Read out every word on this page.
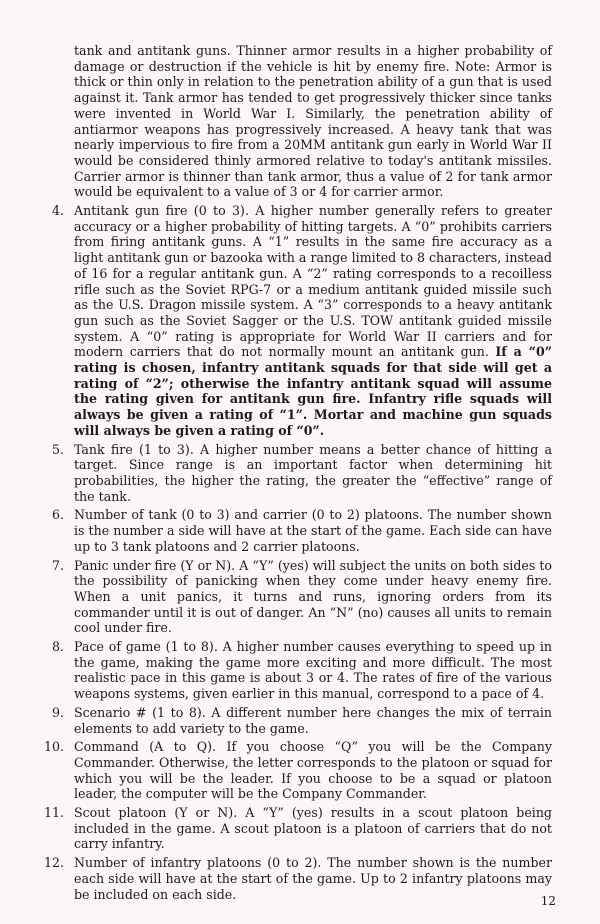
tank and antitank guns. Thinner armor results in a higher probability of damage or destruction if the vehicle is hit by enemy fire. Note: Armor is thick or thin only in relation to the penetration ability of a gun that is used against it. Tank armor has tended to get progressively thicker since tanks were invented in World War I. Similarly, the penetration ability of antiarmor weapons has progressively increased. A heavy tank that was nearly impervious to fire from a 20MM antitank gun early in World War II would be considered thinly armored relative to today's antitank missiles. Carrier armor is thinner than tank armor, thus a value of 2 for tank armor would be equivalent to a value of 3 or 4 for carrier armor.

4. Antitank gun fire (0 to 3). A higher number generally refers to greater accuracy or a higher probability of hitting targets. A “0” prohibits carriers from firing antitank guns. A “1” results in the same fire accuracy as a light antitank gun or bazooka with a range limited to 8 characters, instead of 16 for a regular antitank gun. A “2” rating corresponds to a recoilless rifle such as the Soviet RPG-7 or a medium antitank guided missile such as the U.S. Dragon missile system. A “3” corresponds to a heavy antitank gun such as the Soviet Sagger or the U.S. TOW antitank guided missile system. A “0” rating is appropriate for World War II carriers and for modern carriers that do not normally mount an antitank gun. If a “0” rating is chosen, infantry antitank squads for that side will get a rating of “2”; otherwise the infantry antitank squad will assume the rating given for antitank gun fire. Infantry rifle squads will always be given a rating of “1”. Mortar and machine gun squads will always be given a rating of “0”.
5. Tank fire (1 to 3). A higher number means a better chance of hitting a target. Since range is an important factor when determining hit probabilities, the higher the rating, the greater the “effective” range of the tank.
6. Number of tank (0 to 3) and carrier (0 to 2) platoons. The number shown is the number a side will have at the start of the game. Each side can have up to 3 tank platoons and 2 carrier platoons.
7. Panic under fire (Y or N). A “Y” (yes) will subject the units on both sides to the possibility of panicking when they come under heavy enemy fire. When a unit panics, it turns and runs, ignoring orders from its commander until it is out of danger. An “N” (no) causes all units to remain cool under fire.
8. Pace of game (1 to 8). A higher number causes everything to speed up in the game, making the game more exciting and more difficult. The most realistic pace in this game is about 3 or 4. The rates of fire of the various weapons systems, given earlier in this manual, correspond to a pace of 4.
9. Scenario # (1 to 8). A different number here changes the mix of terrain elements to add variety to the game.
10. Command (A to Q). If you choose “Q” you will be the Company Commander. Otherwise, the letter corresponds to the platoon or squad for which you will be the leader. If you choose to be a squad or platoon leader, the computer will be the Company Commander.
11. Scout platoon (Y or N). A “Y” (yes) results in a scout platoon being included in the game. A scout platoon is a platoon of carriers that do not carry infantry.
12. Number of infantry platoons (0 to 2). The number shown is the number each side will have at the start of the game. Up to 2 infantry platoons may be included on each side.	12
